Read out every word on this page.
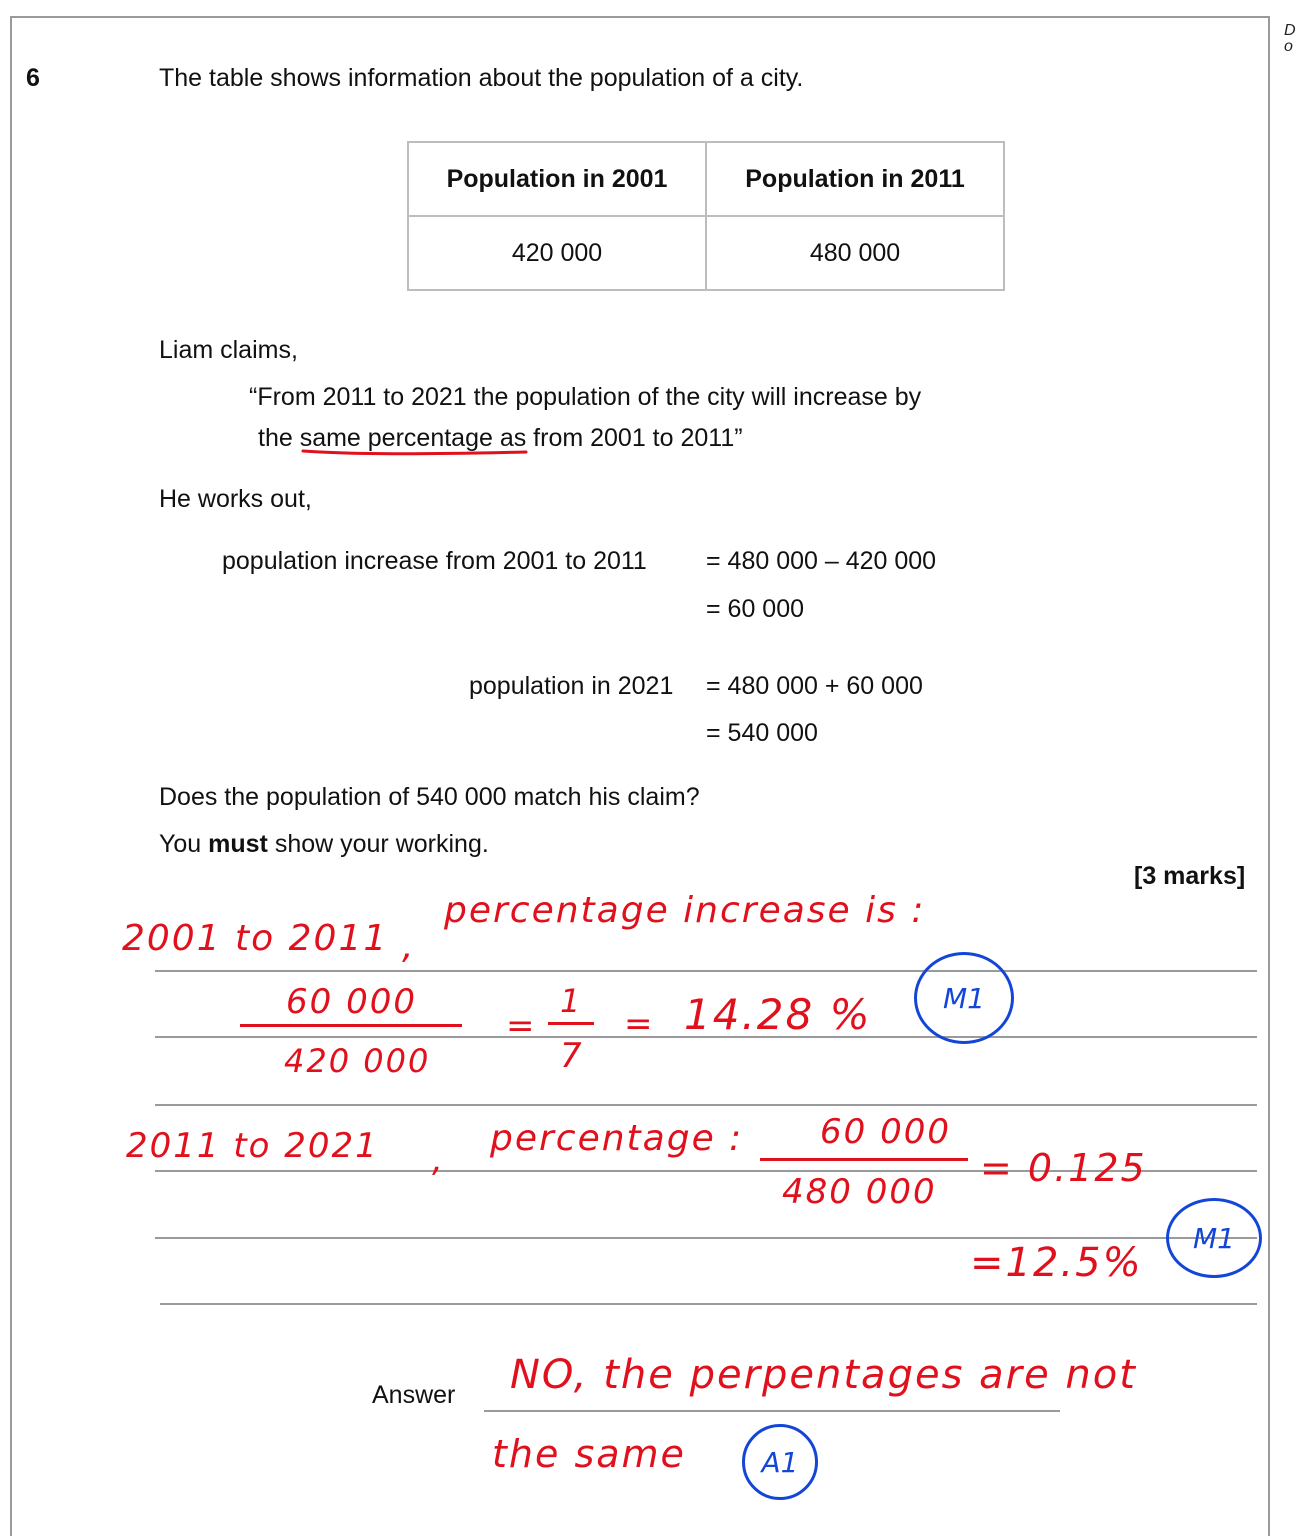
D
o
6	The table shows information about the population of a city.
Population in 2001	Population in 2011
420 000	480 000
Liam claims,
“From 2011 to 2021 the population of the city will increase by
the same percentage as from 2001 to 2011”
He works out,
population increase from 2001 to 2011 = 480 000 – 420 000
= 60 000
population in 2021 = 480 000 + 60 000
= 540 000
Does the population of 540 000 match his claim?
You must show your working.
[3 marks]
Answer
2001 to 2011 ,
percentage increase is :
60 000
420 000
=
1
7
= 14.28 %	M1
2011 to 2021 ,
percentage : 60 000
480 000
= 0.125
M1
=12.5%
NO, the perpentages are not
the same	A1
